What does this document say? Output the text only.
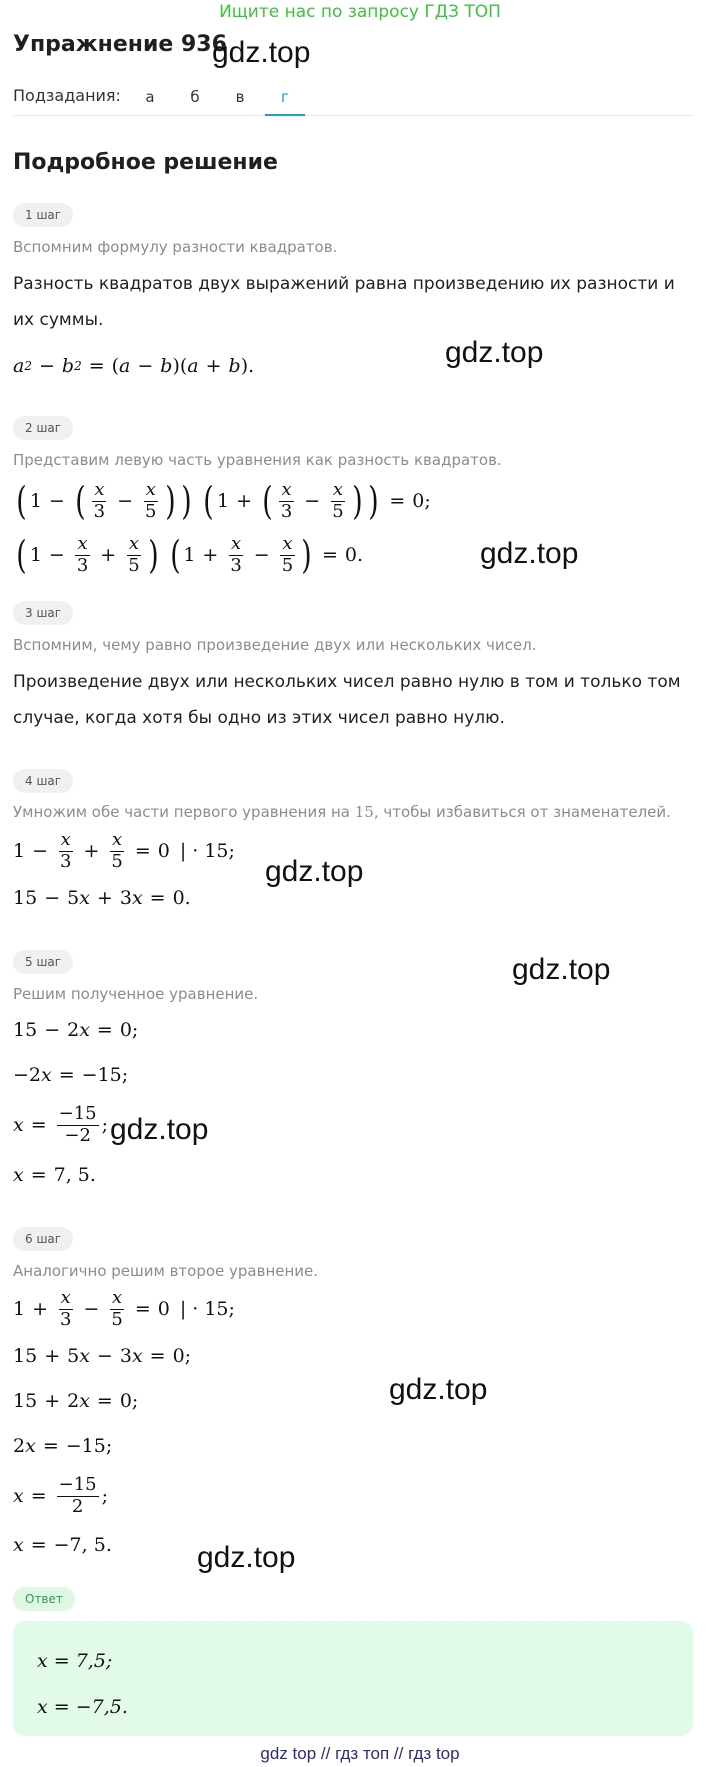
Ищите нас по запросу ГДЗ ТОП
Упражнение 936
Подзадания:	а	б	в	г
Подробное решение
1 шаг
Вспомним формулу разности квадратов.
Разность квадратов двух выражений равна произведению их разности и их суммы.
a 2 − b 2 = ( a − b )( a + b ).
2 шаг
Представим левую часть уравнения как разность квадратов.
( 1 − ( $\frac{x}{3} - \frac{x}{5}$ ) ) ( 1 + ( $\frac{x}{3} - \frac{x}{5}$ ) ) = 0;
( $1 - \frac{x}{3} + \frac{x}{5}$ ) ( $1 + \frac{x}{3} - \frac{x}{5}$ ) = 0.
3 шаг
Вспомним, чему равно произведение двух или нескольких чисел.
Произведение двух или нескольких чисел равно нулю в том и только том случае, когда хотя бы одно из этих чисел равно нулю.
4 шаг
Умножим обе части первого уравнения на 15, чтобы избавиться от знаменателей.
$1 - \frac{x}{3} + \frac{x}{5} = 0$ | · 15;
15 − 5 x + 3 x = 0.
5 шаг
Решим полученное уравнение.
15 − 2 x = 0;
−2 x = −15;
$x = \frac{-15}{-2}$ ;
x = 7, 5.
6 шаг
Аналогично решим второе уравнение.
$1 + \frac{x}{3} - \frac{x}{5} = 0$ | · 15;
15 + 5 x − 3 x = 0;
15 + 2 x = 0;
2 x = −15;
$x = \frac{-15}{2}$ ;
x = −7, 5.
Ответ
x = 7,5;
x = −7,5.
gdz.top
gdz.top
gdz.top
gdz.top
gdz.top
gdz.top
gdz.top
gdz.top
gdz top // гдз топ // гдз top
